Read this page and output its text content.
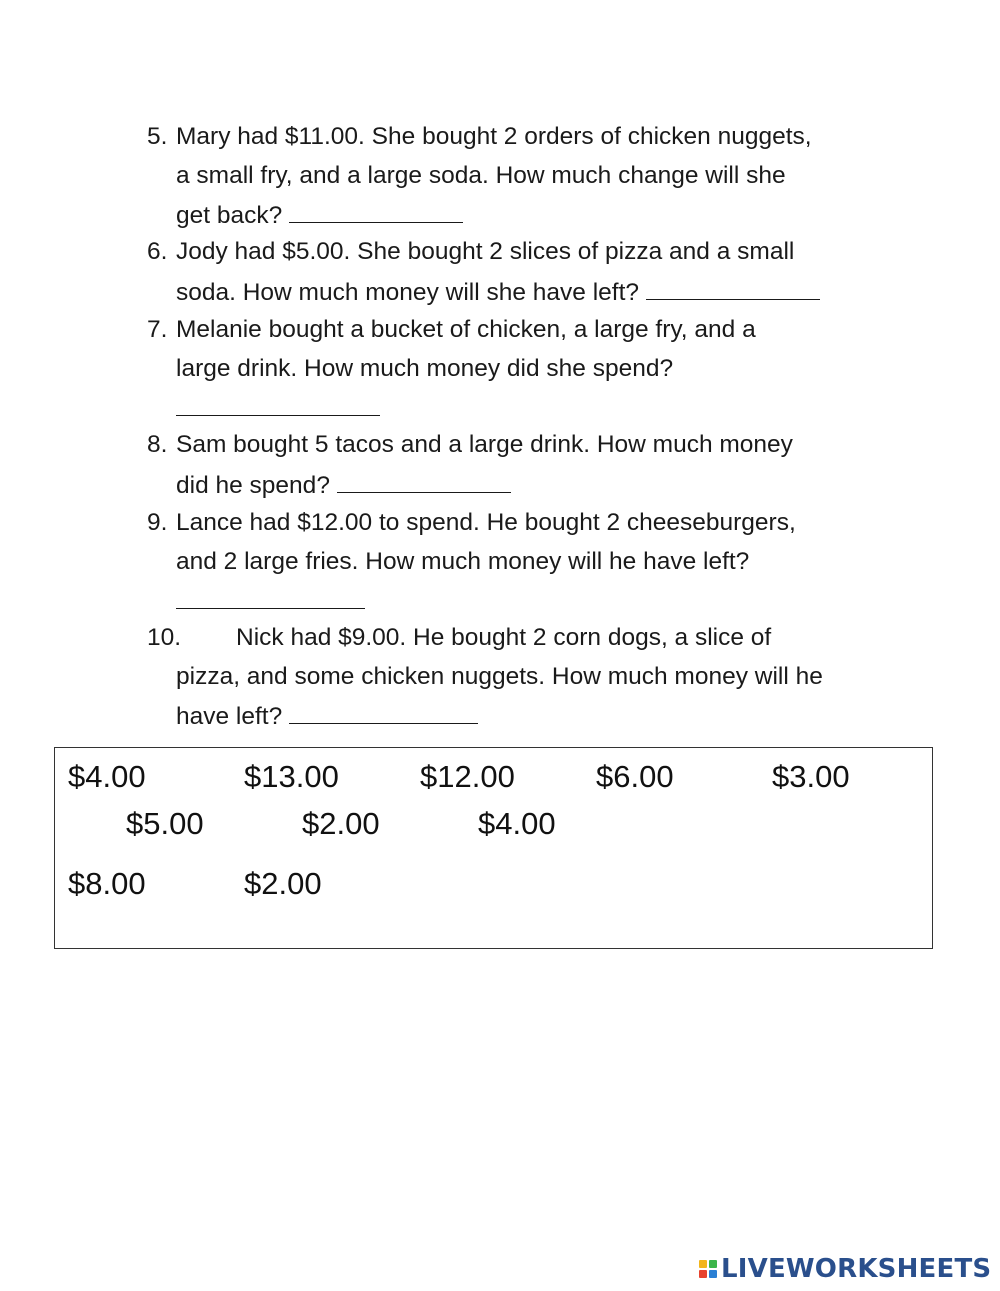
5. Mary had $11.00. She bought 2 orders of chicken nuggets,
a small fry, and a large soda. How much change will she
get back?
6. Jody had $5.00. She bought 2 slices of pizza and a small
soda. How much money will she have left?
7. Melanie bought a bucket of chicken, a large fry, and a
large drink. How much money did she spend?
8. Sam bought 5 tacos and a large drink. How much money
did he spend?
9. Lance had $12.00 to spend. He bought 2 cheeseburgers,
and 2 large fries. How much money will he have left?
10. Nick had $9.00. He bought 2 corn dogs, a slice of
pizza, and some chicken nuggets. How much money will he
have left?
$4.00	$13.00	$12.00	$6.00	$3.00
$5.00	$2.00	$4.00
$8.00	$2.00
LIVEWORKSHEETS
